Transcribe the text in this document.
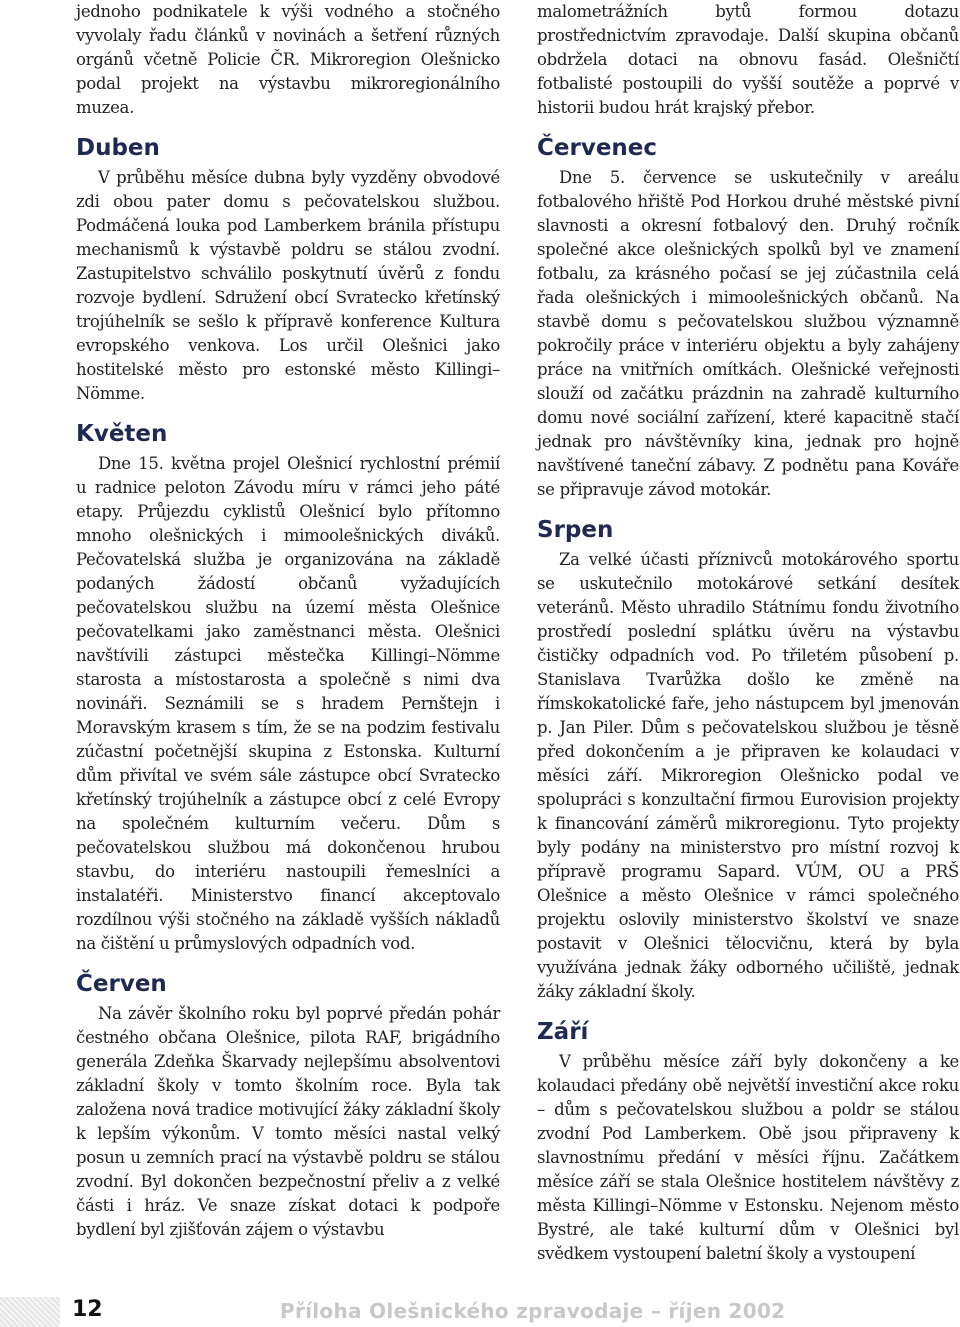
jednoho podnikatele k výši vodného a stočného vyvolaly řadu článků v novinách a šetření různých orgánů včetně Policie ČR. Mikroregion Olešnicko podal projekt na výstavbu mikroregionálního muzea.

Duben

V průběhu měsíce dubna byly vyzděny obvodové zdi obou pater domu s pečovatelskou službou. Podmáčená louka pod Lamberkem bránila přístupu mechanismů k výstavbě poldru se stálou zvodní. Zastupitelstvo schválilo poskytnutí úvěrů z fondu rozvoje bydlení. Sdružení obcí Svratecko křetínský trojúhelník se sešlo k přípravě konference Kultura evropského venkova. Los určil Olešnici jako hostitelské město pro estonské město Killingi–Nömme.

Květen

Dne 15. května projel Olešnicí rychlostní prémií u radnice peloton Závodu míru v rámci jeho páté etapy. Průjezdu cyklistů Olešnicí bylo přítomno mnoho olešnických i mimoolešnických diváků. Pečovatelská služba je organizována na základě podaných žádostí občanů vyžadujících pečovatelskou službu na území města Olešnice pečovatelkami jako zaměstnanci města. Olešnici navštívili zástupci městečka Killingi–Nömme starosta a místostarosta a společně s nimi dva novináři. Seznámili se s hradem Pernštejn i Moravským krasem s tím, že se na podzim festivalu zúčastní početnější skupina z Estonska. Kulturní dům přivítal ve svém sále zástupce obcí Svratecko křetínský trojúhelník a zástupce obcí z celé Evropy na společném kulturním večeru. Dům s pečovatelskou službou má dokončenou hrubou stavbu, do interiéru nastoupili řemeslníci a instalatéři. Ministerstvo financí akceptovalo rozdílnou výši stočného na základě vyšších nákladů na čištění u průmyslových odpadních vod.

Červen

Na závěr školního roku byl poprvé předán pohár čestného občana Olešnice, pilota RAF, brigádního generála Zdeňka Škarvady nejlepšímu absolventovi základní školy v tomto školním roce. Byla tak založena nová tradice motivující žáky základní školy k lepším výkonům. V tomto měsíci nastal velký posun u zemních prací na výstavbě poldru se stálou zvodní. Byl dokončen bezpečnostní přeliv a z velké části i hráz. Ve snaze získat dotaci k podpoře bydlení byl zjišťován zájem o výstavbu

malometrážních bytů formou dotazu prostřednictvím zpravodaje. Další skupina občanů obdržela dotaci na obnovu fasád. Olešničtí fotbalisté postoupili do vyšší soutěže a poprvé v historii budou hrát krajský přebor.

Červenec

Dne 5. července se uskutečnily v areálu fotbalového hřiště Pod Horkou druhé městské pivní slavnosti a okresní fotbalový den. Druhý ročník společné akce olešnických spolků byl ve znamení fotbalu, za krásného počasí se jej zúčastnila celá řada olešnických i mimoolešnických občanů. Na stavbě domu s pečovatelskou službou významně pokročily práce v interiéru objektu a byly zahájeny práce na vnitřních omítkách. Olešnické veřejnosti slouží od začátku prázdnin na zahradě kulturního domu nové sociální zařízení, které kapacitně stačí jednak pro návštěvníky kina, jednak pro hojně navštívené taneční zábavy. Z podnětu pana Kováře se připravuje závod motokár.

Srpen

Za velké účasti příznivců motokárového sportu se uskutečnilo motokárové setkání desítek veteránů. Město uhradilo Státnímu fondu životního prostředí poslední splátku úvěru na výstavbu čističky odpadních vod. Po třiletém působení p. Stanislava Tvarůžka došlo ke změně na římskokatolické faře, jeho nástupcem byl jmenován p. Jan Piler. Dům s pečovatelskou službou je těsně před dokončením a je připraven ke kolaudaci v měsíci září. Mikroregion Olešnicko podal ve spolupráci s konzultační firmou Eurovision projekty k financování záměrů mikroregionu. Tyto projekty byly podány na ministerstvo pro místní rozvoj k přípravě programu Sapard. VÚM, OU a PRŠ Olešnice a město Olešnice v rámci společného projektu oslovily ministerstvo školství ve snaze postavit v Olešnici tělocvičnu, která by byla využívána jednak žáky odborného učiliště, jednak žáky základní školy.

Září

V průběhu měsíce září byly dokončeny a ke kolaudaci předány obě největší investiční akce roku – dům s pečovatelskou službou a poldr se stálou zvodní Pod Lamberkem. Obě jsou připraveny k slavnostnímu předání v měsíci říjnu. Začátkem měsíce září se stala Olešnice hostitelem návštěvy z města Killingi–Nömme v Estonsku. Nejenom město Bystré, ale také kulturní dům v Olešnici byl svědkem vystoupení baletní školy a vystoupení

12	Příloha Olešnického zpravodaje – říjen 2002
